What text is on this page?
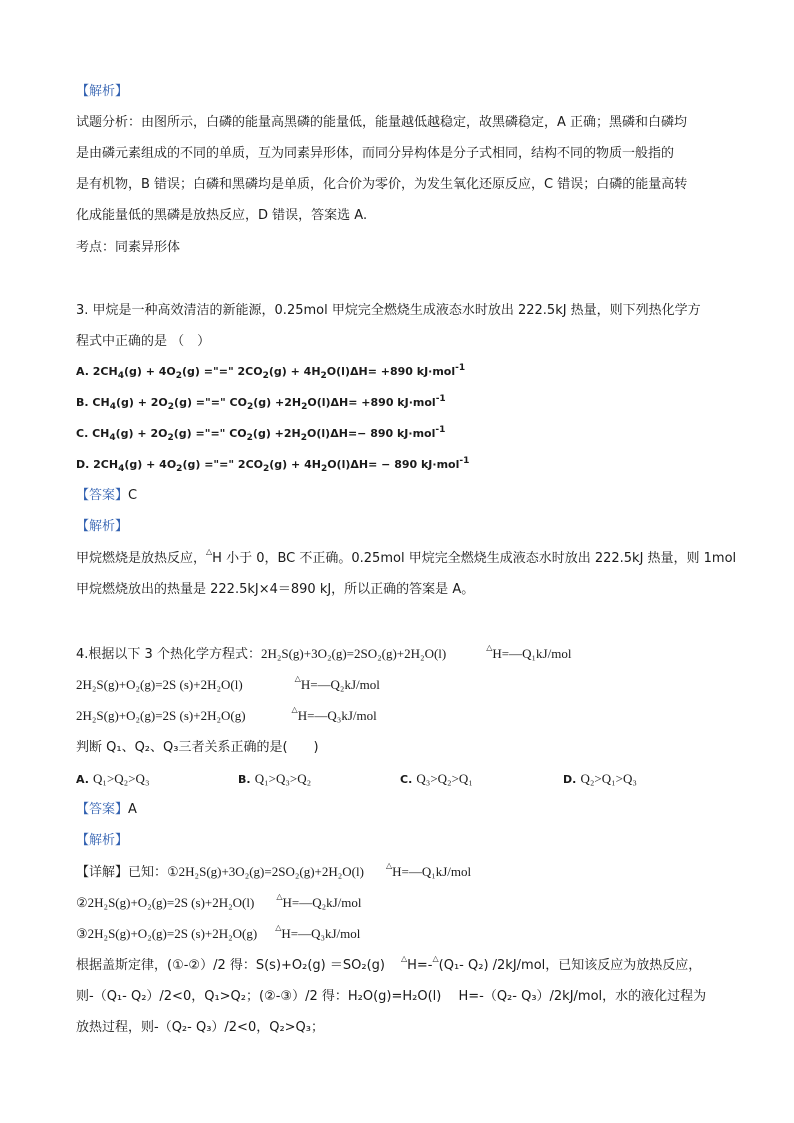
【解析】
试题分析：由图所示，白磷的能量高黑磷的能量低，能量越低越稳定，故黑磷稳定，A 正确；黑磷和白磷均
是由磷元素组成的不同的单质，互为同素异形体，而同分异构体是分子式相同，结构不同的物质一般指的
是有机物，B 错误；白磷和黑磷均是单质，化合价为零价，为发生氧化还原反应，C 错误；白磷的能量高转
化成能量低的黑磷是放热反应，D 错误，答案选 A.
考点：同素异形体
3. 甲烷是一种高效清洁的新能源，0.25mol 甲烷完全燃烧生成液态水时放出 222.5kJ 热量，则下列热化学方
程式中正确的是 （　）
A. $2CH_4(g) + 4O_2(g)$ ="=" $2CO_2(g) + 4H_2O(l)\Delta H= +890$ kJ·mol$^{-1}$
B. $CH_4(g) + 2O_2(g)$ ="=" $CO_2(g) +2H_2O(l)\Delta H= +890$ kJ·mol$^{-1}$
C. $CH_4(g) + 2O_2(g)$ ="=" $CO_2(g) +2H_2O(l)\Delta H=- 890$ kJ·mol$^{-1}$
D. $2CH_4(g) + 4O_2(g)$ ="=" $2CO_2(g) + 4H_2O(l)\Delta H= - 890$ kJ·mol$^{-1}$
【答案】C
【解析】
甲烷燃烧是放热反应，△H 小于 0，BC 不正确。0.25mol 甲烷完全燃烧生成液态水时放出 222.5kJ 热量，则 1mol
甲烷燃烧放出的热量是 222.5kJ×4＝890 kJ，所以正确的答案是 A。
4.根据以下 3 个热化学方程式：2H₂S(g)+3O₂(g)=2SO₂(g)+2H₂O(l)	△H=—Q₁kJ/mol
2H₂S(g)+O₂(g)=2S (s)+2H₂O(l)	△H=—Q₂kJ/mol
2H₂S(g)+O₂(g)=2S (s)+2H₂O(g)	△H=—Q₃kJ/mol
判断 Q₁、Q₂、Q₃三者关系正确的是(　　)
A. Q₁>Q₂>Q₃	B. Q₁>Q₃>Q₂	C. Q₃>Q₂>Q₁	D. Q₂>Q₁>Q₃
【答案】A
【解析】
【详解】已知：①2H₂S(g)+3O₂(g)=2SO₂(g)+2H₂O(l)	△H=—Q₁kJ/mol
②2H₂S(g)+O₂(g)=2S (s)+2H₂O(l)	△H=—Q₂kJ/mol
③2H₂S(g)+O₂(g)=2S (s)+2H₂O(g) △H=—Q₃kJ/mol
根据盖斯定律，(①-②）/2 得：S(s)+O₂(g) ＝SO₂(g) △H=-△(Q₁- Q₂) /2kJ/mol，已知该反应为放热反应，
则-（Q₁- Q₂）/2<0，Q₁>Q₂；(②-③）/2 得：H₂O(g)=H₂O(l)　 H=-（Q₂- Q₃）/2kJ/mol，水的液化过程为
放热过程，则-（Q₂- Q₃）/2<0，Q₂>Q₃；
